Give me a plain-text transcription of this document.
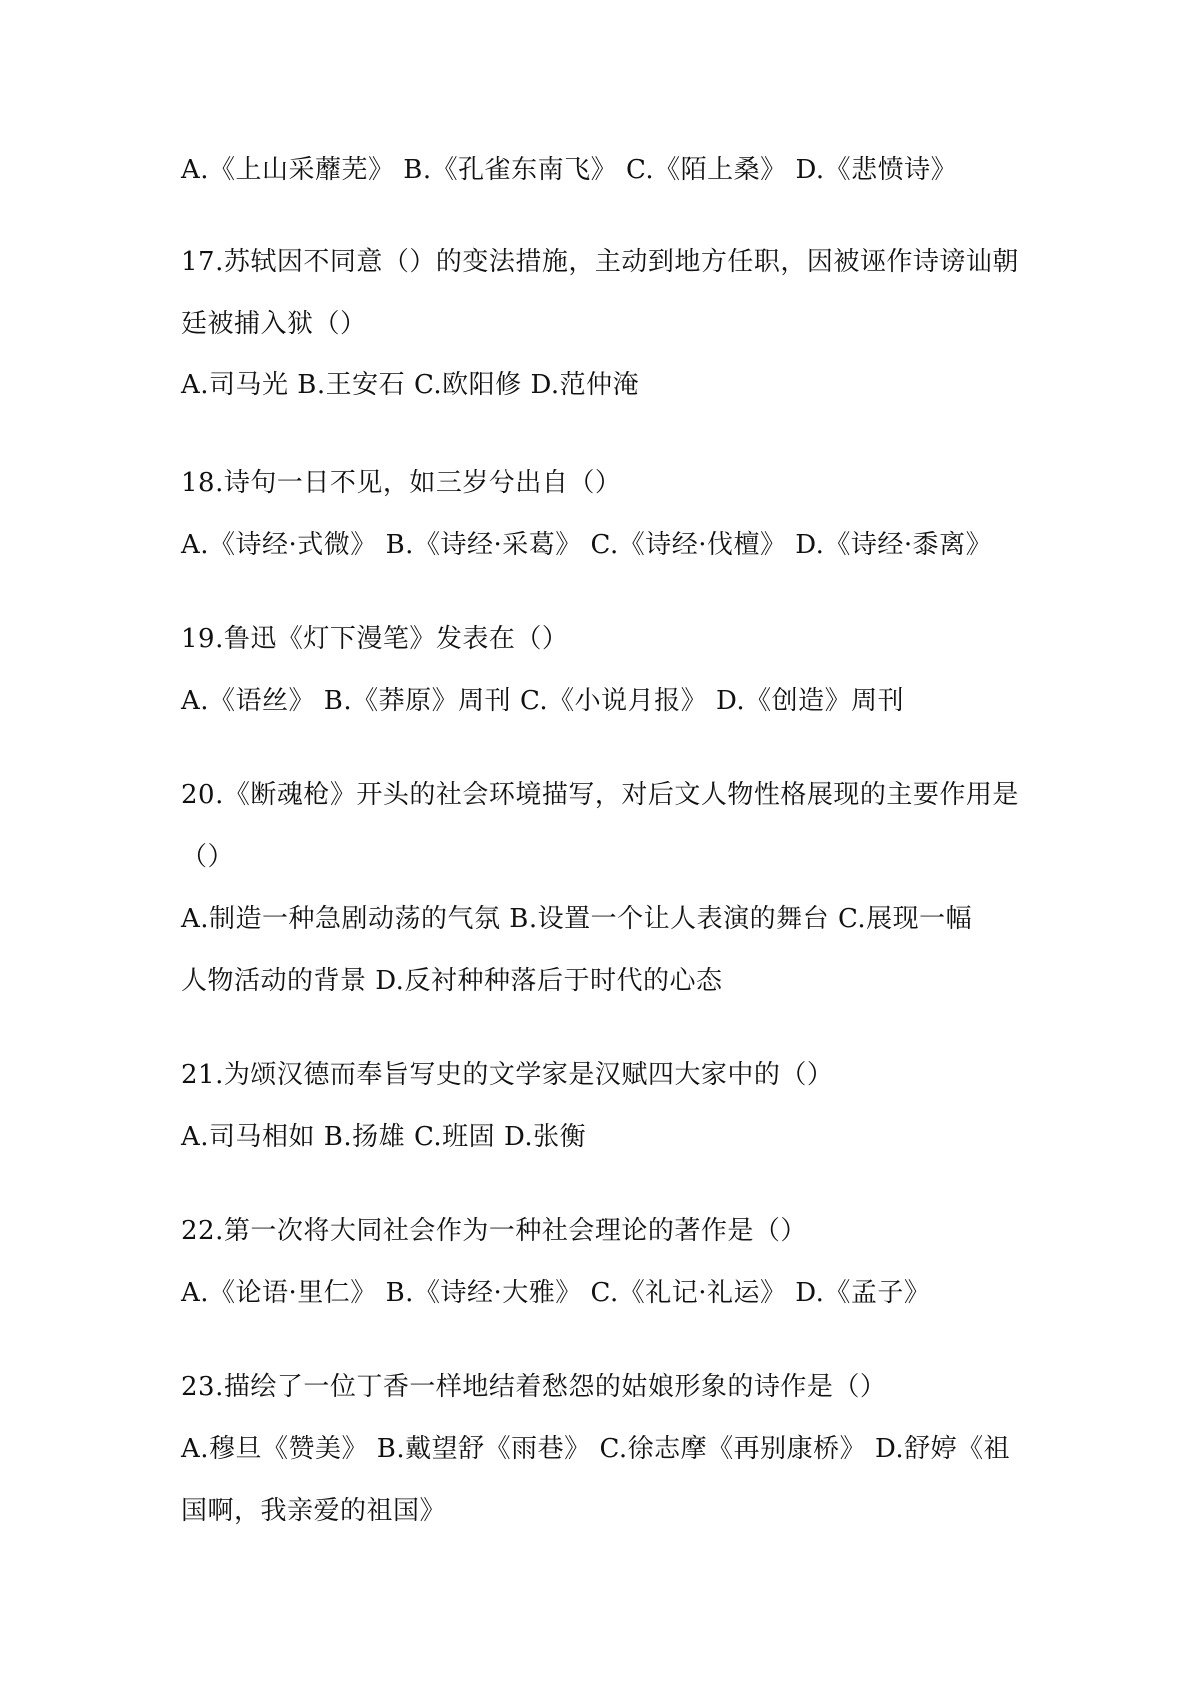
A.《上山采蘼芜》 B.《孔雀东南飞》 C.《陌上桑》 D.《悲愤诗》
17.苏轼因不同意（）的变法措施，主动到地方任职，因被诬作诗谤讪朝
廷被捕入狱（）
A.司马光 B.王安石 C.欧阳修 D.范仲淹
18.诗句一日不见，如三岁兮出自（）
A.《诗经·式微》 B.《诗经·采葛》 C.《诗经·伐檀》 D.《诗经·黍离》
19.鲁迅《灯下漫笔》发表在（）
A.《语丝》 B.《莽原》周刊 C.《小说月报》 D.《创造》周刊
20.《断魂枪》开头的社会环境描写，对后文人物性格展现的主要作用是
（）
A.制造一种急剧动荡的气氛 B.设置一个让人表演的舞台 C.展现一幅
人物活动的背景 D.反衬种种落后于时代的心态
21.为颂汉德而奉旨写史的文学家是汉赋四大家中的（）
A.司马相如 B.扬雄 C.班固 D.张衡
22.第一次将大同社会作为一种社会理论的著作是（）
A.《论语·里仁》 B.《诗经·大雅》 C.《礼记·礼运》 D.《孟子》
23.描绘了一位丁香一样地结着愁怨的姑娘形象的诗作是（）
A.穆旦《赞美》 B.戴望舒《雨巷》 C.徐志摩《再别康桥》 D.舒婷《祖
国啊，我亲爱的祖国》
